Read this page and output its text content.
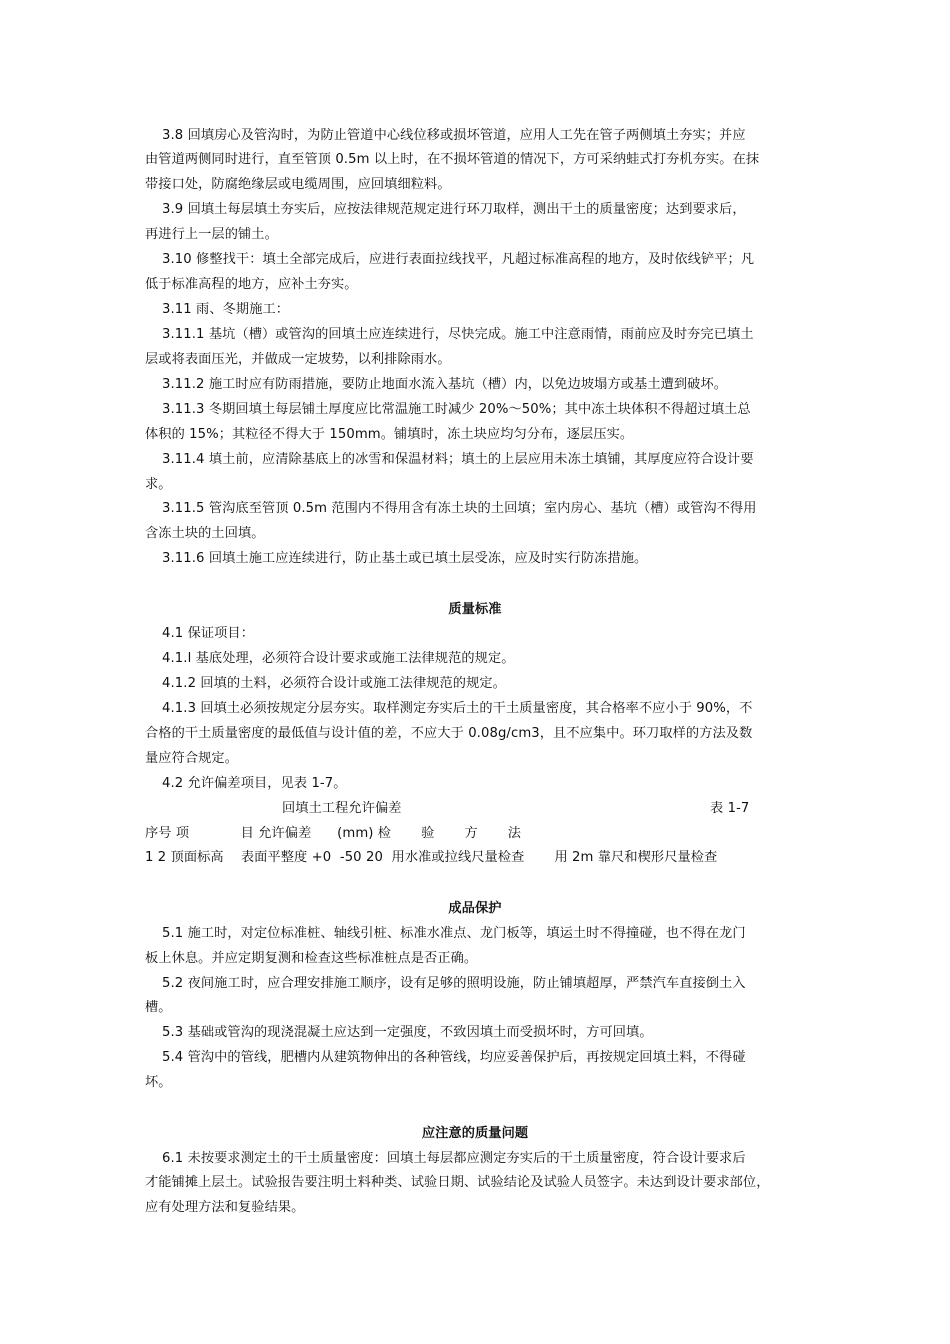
3.8 回填房心及管沟时，为防止管道中心线位移或损坏管道，应用人工先在管子两侧填土夯实；并应
由管道两侧同时进行，直至管顶 0.5m 以上时，在不损坏管道的情况下，方可采纳蛙式打夯机夯实。在抹
带接口处，防腐绝缘层或电缆周围，应回填细粒料。
3.9 回填土每层填土夯实后，应按法律规范规定进行环刀取样，测出干土的质量密度；达到要求后，
再进行上一层的铺土。
3.10 修整找干：填土全部完成后，应进行表面拉线找平，凡超过标准高程的地方，及时依线铲平；凡
低于标准高程的地方，应补土夯实。
3.11 雨、冬期施工：
3.11.1 基坑（槽）或管沟的回填土应连续进行，尽快完成。施工中注意雨情，雨前应及时夯完已填土
层或将表面压光，并做成一定坡势，以利排除雨水。
3.11.2 施工时应有防雨措施，要防止地面水流入基坑（槽）内，以免边坡塌方或基土遭到破坏。
3.11.3 冬期回填土每层铺土厚度应比常温施工时减少 20%～50%；其中冻土块体积不得超过填土总
体积的 15%；其粒径不得大于 150mm。铺填时，冻土块应均匀分布，逐层压实。
3.11.4 填土前，应清除基底上的冰雪和保温材料；填土的上层应用未冻土填铺，其厚度应符合设计要
求。
3.11.5 管沟底至管顶 0.5m 范围内不得用含有冻土块的土回填；室内房心、基坑（槽）或管沟不得用
含冻土块的土回填。
3.11.6 回填土施工应连续进行，防止基土或已填土层受冻，应及时实行防冻措施。
质量标准
4.1 保证项目：
4.1.l 基底处理，必须符合设计要求或施工法律规范的规定。
4.1.2 回填的土料，必须符合设计或施工法律规范的规定。
4.1.3 回填土必须按规定分层夯实。取样测定夯实后土的干土质量密度，其合格率不应小于 90%，不
合格的干土质量密度的最低值与设计值的差，不应大于 0.08g/cm3，且不应集中。环刀取样的方法及数
量应符合规定。
4.2 允许偏差项目，见表 1-7。
回填土工程允许偏差	表 1-7
序号 项            目 允许偏差      (mm) 检       验       方       法
1 2 顶面标高    表面平整度 +0  -50 20  用水准或拉线尺量检查       用 2m 靠尺和楔形尺量检查
成品保护
5.1 施工时，对定位标准桩、轴线引桩、标准水准点、龙门板等，填运土时不得撞碰，也不得在龙门
板上休息。并应定期复测和检查这些标准桩点是否正确。
5.2 夜间施工时，应合理安排施工顺序，设有足够的照明设施，防止铺填超厚，严禁汽车直接倒土入
槽。
5.3 基础或管沟的现浇混凝土应达到一定强度，不致因填土而受损坏时，方可回填。
5.4 管沟中的管线，肥槽内从建筑物伸出的各种管线，均应妥善保护后，再按规定回填土料，不得碰
坏。
应注意的质量问题
6.1 未按要求测定土的干土质量密度：回填土每层都应测定夯实后的干土质量密度，符合设计要求后
才能铺摊上层土。试验报告要注明土料种类、试验日期、试验结论及试验人员签字。未达到设计要求部位，
应有处理方法和复验结果。
